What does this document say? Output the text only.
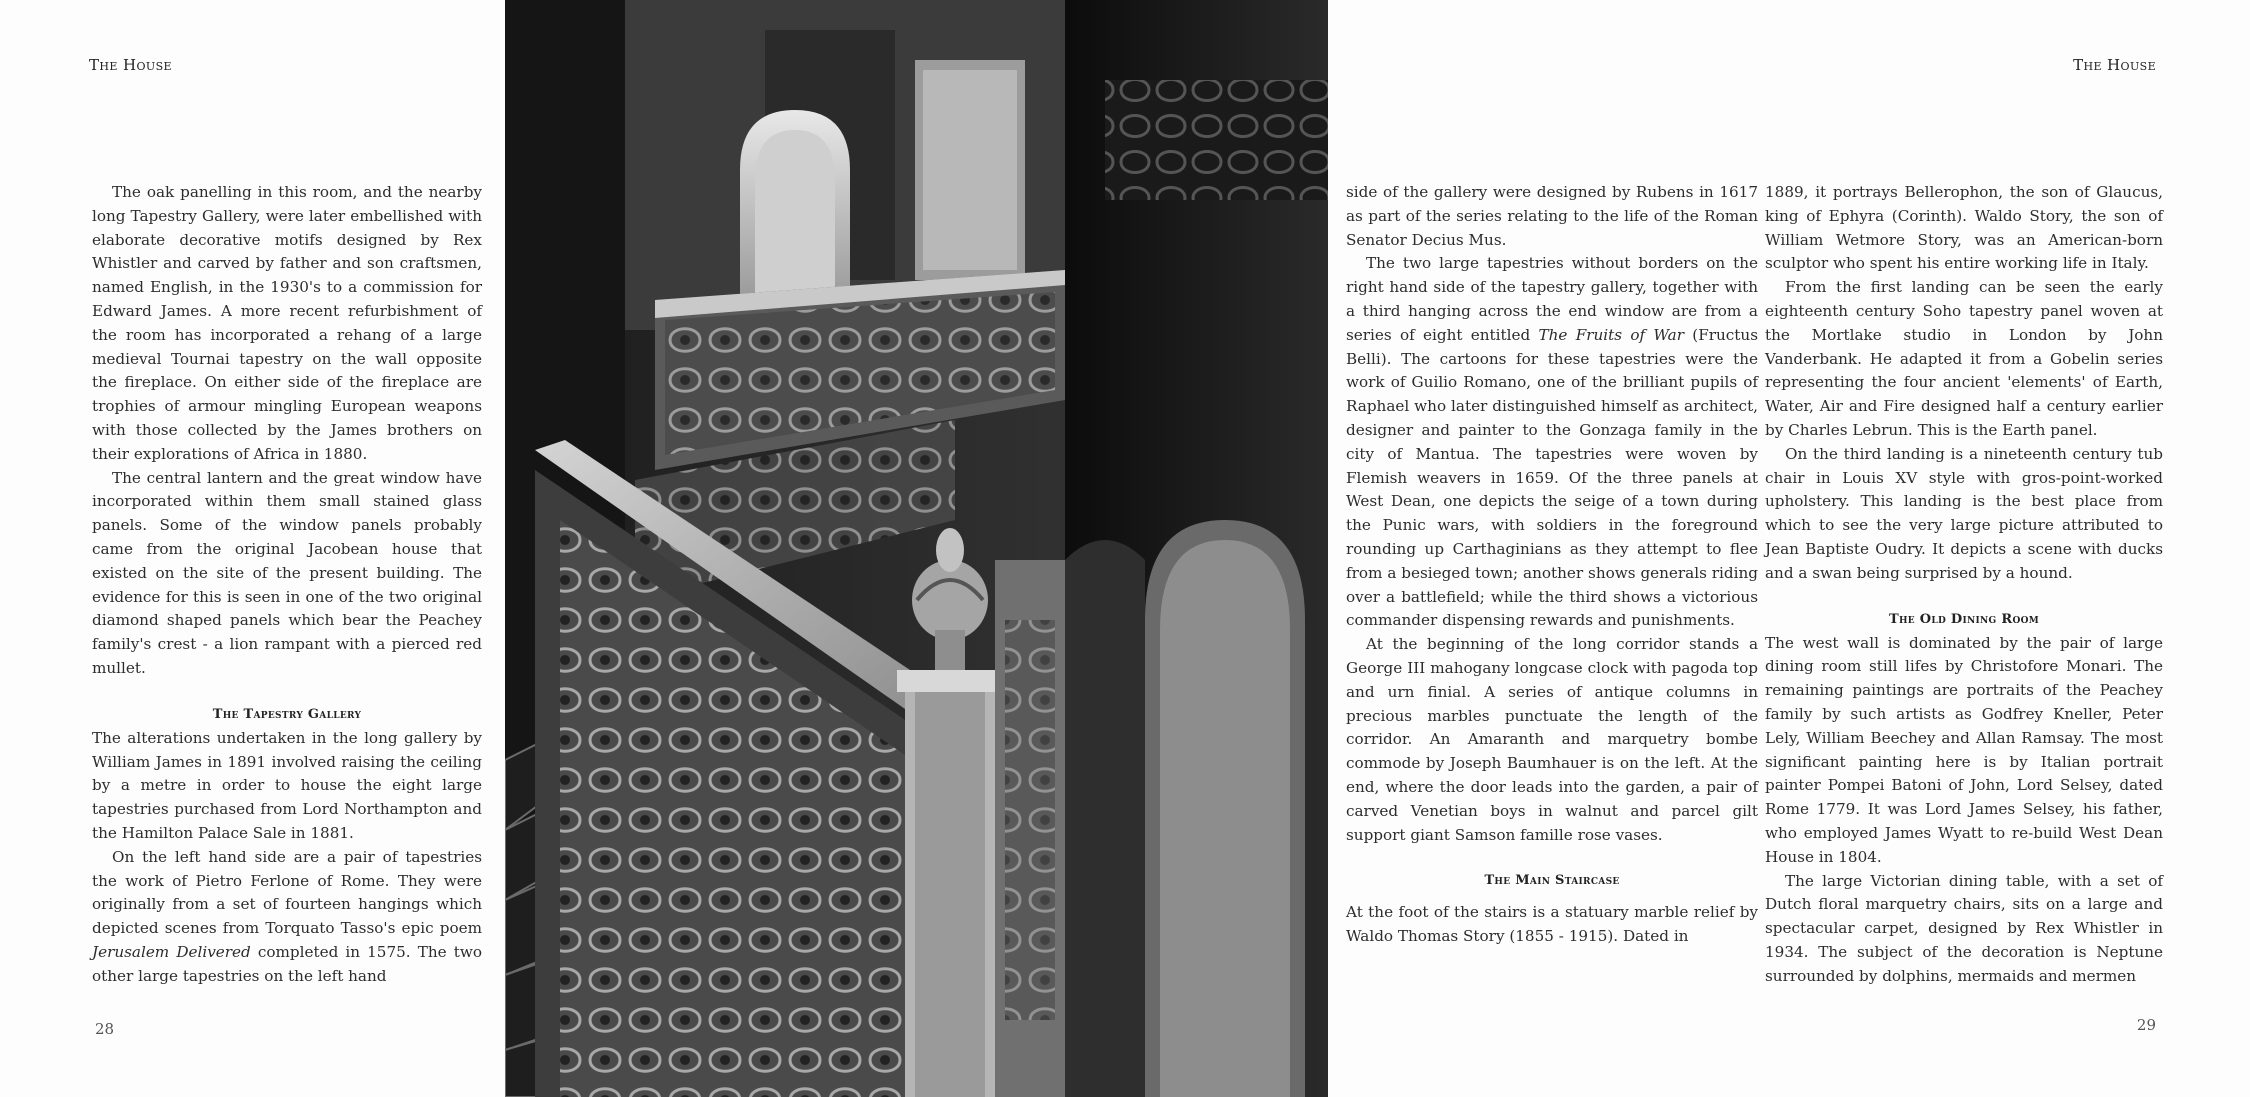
The House

The oak panelling in this room, and the nearby long Tapestry Gallery, were later embellished with elaborate decorative motifs designed by Rex Whistler and carved by father and son craftsmen, named English, in the 1930's to a commission for Edward James. A more recent refurbishment of the room has incorporated a rehang of a large medieval Tournai tapestry on the wall opposite the fireplace. On either side of the fireplace are trophies of armour mingling European weapons with those collected by the James brothers on their explorations of Africa in 1880.

The central lantern and the great window have incorporated within them small stained glass panels. Some of the window panels probably came from the original Jacobean house that existed on the site of the present building. The evidence for this is seen in one of the two original diamond shaped panels which bear the Peachey family's crest - a lion rampant with a pierced red mullet.

The Tapestry Gallery

The alterations undertaken in the long gallery by William James in 1891 involved raising the ceiling by a metre in order to house the eight large tapestries purchased from Lord Northampton and the Hamilton Palace Sale in 1881.

On the left hand side are a pair of tapestries the work of Pietro Ferlone of Rome. They were originally from a set of fourteen hangings which depicted scenes from Torquato Tasso's epic poem Jerusalem Delivered completed in 1575. The two other large tapestries on the left hand

28
The House

side of the gallery were designed by Rubens in 1617 as part of the series relating to the life of the Roman Senator Decius Mus.

The two large tapestries without borders on the right hand side of the tapestry gallery, together with a third hanging across the end window are from a series of eight entitled The Fruits of War (Fructus Belli). The cartoons for these tapestries were the work of Guilio Romano, one of the brilliant pupils of Raphael who later distinguished himself as architect, designer and painter to the Gonzaga family in the city of Mantua. The tapestries were woven by Flemish weavers in 1659. Of the three panels at West Dean, one depicts the seige of a town during the Punic wars, with soldiers in the foreground rounding up Carthaginians as they attempt to flee from a besieged town; another shows generals riding over a battlefield; while the third shows a victorious commander dispensing rewards and punishments.

At the beginning of the long corridor stands a George III mahogany longcase clock with pagoda top and urn finial. A series of antique columns in precious marbles punctuate the length of the corridor. An Amaranth and marquetry bombe commode by Joseph Baumhauer is on the left. At the end, where the door leads into the garden, a pair of carved Venetian boys in walnut and parcel gilt support giant Samson famille rose vases.

The Main Staircase

At the foot of the stairs is a statuary marble relief by Waldo Thomas Story (1855 - 1915). Dated in

1889, it portrays Bellerophon, the son of Glaucus, king of Ephyra (Corinth). Waldo Story, the son of William Wetmore Story, was an American-born sculptor who spent his entire working life in Italy.

From the first landing can be seen the early eighteenth century Soho tapestry panel woven at the Mortlake studio in London by John Vanderbank. He adapted it from a Gobelin series representing the four ancient 'elements' of Earth, Water, Air and Fire designed half a century earlier by Charles Lebrun. This is the Earth panel.

On the third landing is a nineteenth century tub chair in Louis XV style with gros-point-worked upholstery. This landing is the best place from which to see the very large picture attributed to Jean Baptiste Oudry. It depicts a scene with ducks and a swan being surprised by a hound.

The Old Dining Room

The west wall is dominated by the pair of large dining room still lifes by Christofore Monari. The remaining paintings are portraits of the Peachey family by such artists as Godfrey Kneller, Peter Lely, William Beechey and Allan Ramsay. The most significant painting here is by Italian portrait painter Pompei Batoni of John, Lord Selsey, dated Rome 1779. It was Lord James Selsey, his father, who employed James Wyatt to re-build West Dean House in 1804.

The large Victorian dining table, with a set of Dutch floral marquetry chairs, sits on a large and spectacular carpet, designed by Rex Whistler in 1934. The subject of the decoration is Neptune surrounded by dolphins, mermaids and mermen

29
